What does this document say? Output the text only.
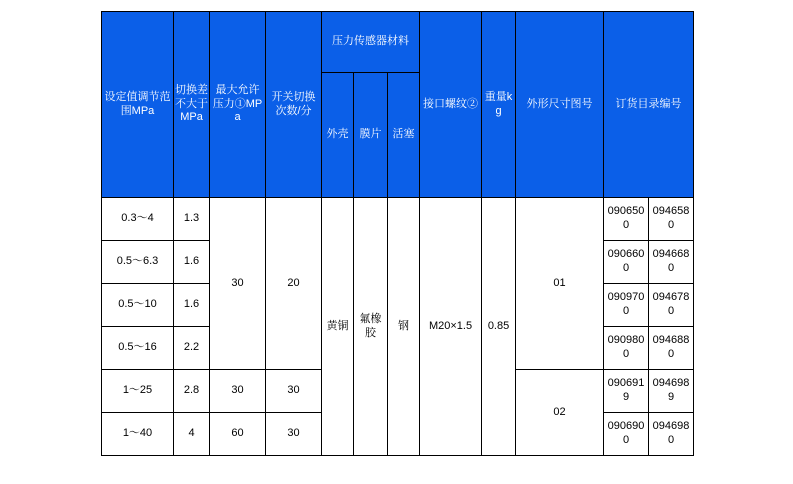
设定值调节范围MPa	切换差不大于MPa	最大允许压力①MPa	开关切换次数/分	压力传感器材料			接口螺纹②	重量kg	外形尺寸图号	订货目录编号	
				外壳	膜片	活塞					
0.3～4	1.3	30	20	黄铜	氟橡胶	钢	M20×1.5	0.85	01	0906500	0946580
0.5～6.3	1.6									0906600	0946680
0.5～10	1.6									0909700	0946780
0.5～16	2.2									0909800	0946880
1～25	2.8	30	30						02	0906919	0946989
1～40	4	60	30							0906900	0946980
